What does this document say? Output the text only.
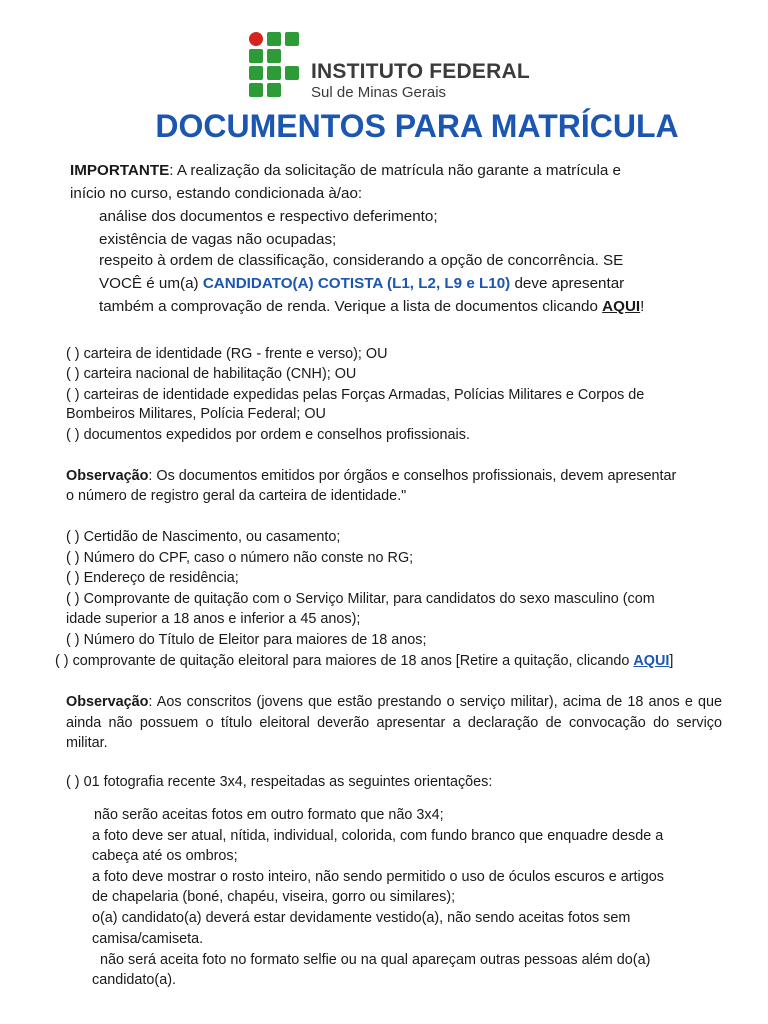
INSTITUTO FEDERAL
Sul de Minas Gerais
DOCUMENTOS PARA MATRÍCULA
IMPORTANTE: A realização da solicitação de matrícula não garante a matrícula e
início no curso, estando condicionada à/ao:
análise dos documentos e respectivo deferimento;
existência de vagas não ocupadas;
respeito à ordem de classificação, considerando a opção de concorrência. SE
VOCÊ é um(a) CANDIDATO(A) COTISTA (L1, L2, L9 e L10) deve apresentar
também a comprovação de renda. Verique a lista de documentos clicando AQUI!
( ) carteira de identidade (RG - frente e verso); OU
( ) carteira nacional de habilitação (CNH); OU
( ) carteiras de identidade expedidas pelas Forças Armadas, Polícias Militares e Corpos de
Bombeiros Militares, Polícia Federal; OU
( ) documentos expedidos por ordem e conselhos profissionais.
Observação: Os documentos emitidos por órgãos e conselhos profissionais, devem apresentar
o número de registro geral da carteira de identidade."
( ) Certidão de Nascimento, ou casamento;
( ) Número do CPF, caso o número não conste no RG;
( ) Endereço de residência;
( ) Comprovante de quitação com o Serviço Militar, para candidatos do sexo masculino (com
idade superior a 18 anos e inferior a 45 anos);
( ) Número do Título de Eleitor para maiores de 18 anos;
( ) comprovante de quitação eleitoral para maiores de 18 anos [Retire a quitação, clicando AQUI]
Observação: Aos conscritos (jovens que estão prestando o serviço militar), acima de 18 anos e que ainda não possuem o título eleitoral deverão apresentar a declaração de convocação do serviço militar.
( ) 01 fotografia recente 3x4, respeitadas as seguintes orientações:
não serão aceitas fotos em outro formato que não 3x4;
a foto deve ser atual, nítida, individual, colorida, com fundo branco que enquadre desde a
cabeça até os ombros;
a foto deve mostrar o rosto inteiro, não sendo permitido o uso de óculos escuros e artigos
de chapelaria (boné, chapéu, viseira, gorro ou similares);
o(a) candidato(a) deverá estar devidamente vestido(a), não sendo aceitas fotos sem
camisa/camiseta.
não será aceita foto no formato selfie ou na qual apareçam outras pessoas além do(a)
candidato(a).
